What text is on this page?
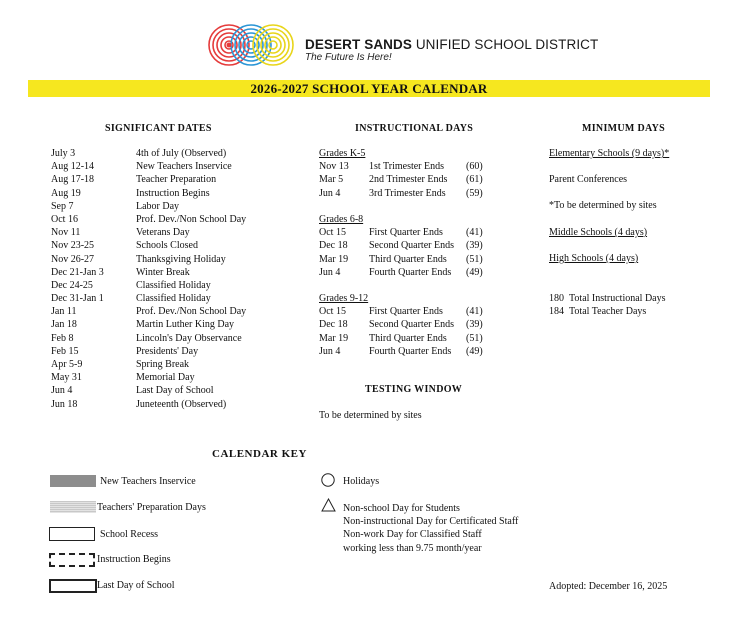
DESERT SANDS UNIFIED SCHOOL DISTRICT
The Future Is Here!
2026-2027 SCHOOL YEAR CALENDAR
SIGNIFICANT DATES	INSTRUCTIONAL DAYS	MINIMUM DAYS
July 3	4th of July (Observed)
Aug 12-14	New Teachers Inservice
Aug 17-18	Teacher Preparation
Aug 19	Instruction Begins
Sep 7	Labor Day
Oct 16	Prof. Dev./Non School Day
Nov 11	Veterans Day
Nov 23-25	Schools Closed
Nov 26-27	Thanksgiving Holiday
Dec 21-Jan 3	Winter Break
Dec 24-25	Classified Holiday
Dec 31-Jan 1	Classified Holiday
Jan 11	Prof. Dev./Non School Day
Jan 18	Martin Luther King Day
Feb 8	Lincoln's Day Observance
Feb 15	Presidents' Day
Apr 5-9	Spring Break
May 31	Memorial Day
Jun 4	Last Day of School
Jun 18	Juneteenth (Observed)
Grades K-5
Nov 13 1st Trimester Ends (60)
Mar 5	2nd Trimester Ends (61)
Jun 4	3rd Trimester Ends (59)
Grades 6-8
Oct 15 First Quarter Ends (41)
Dec 18 Second Quarter Ends (39)
Mar 19 Third Quarter Ends (51)
Jun 4	Fourth Quarter Ends (49)
Grades 9-12
Oct 15 First Quarter Ends (41)
Dec 18 Second Quarter Ends (39)
Mar 19 Third Quarter Ends (51)
Jun 4	Fourth Quarter Ends (49)
TESTING WINDOW
To be determined by sites
Elementary Schools (9 days)*
Parent Conferences
*To be determined by sites
Middle Schools (4 days)
High Schools (4 days)
180 Total Instructional Days
184 Total Teacher Days
CALENDAR KEY
New Teachers Inservice
Teachers' Preparation Days
School Recess
Instruction Begins
Last Day of School
Holidays
Non-school Day for Students
Non-instructional Day for Certificated Staff
Non-work Day for Classified Staff
working less than 9.75 month/year
Adopted: December 16, 2025
